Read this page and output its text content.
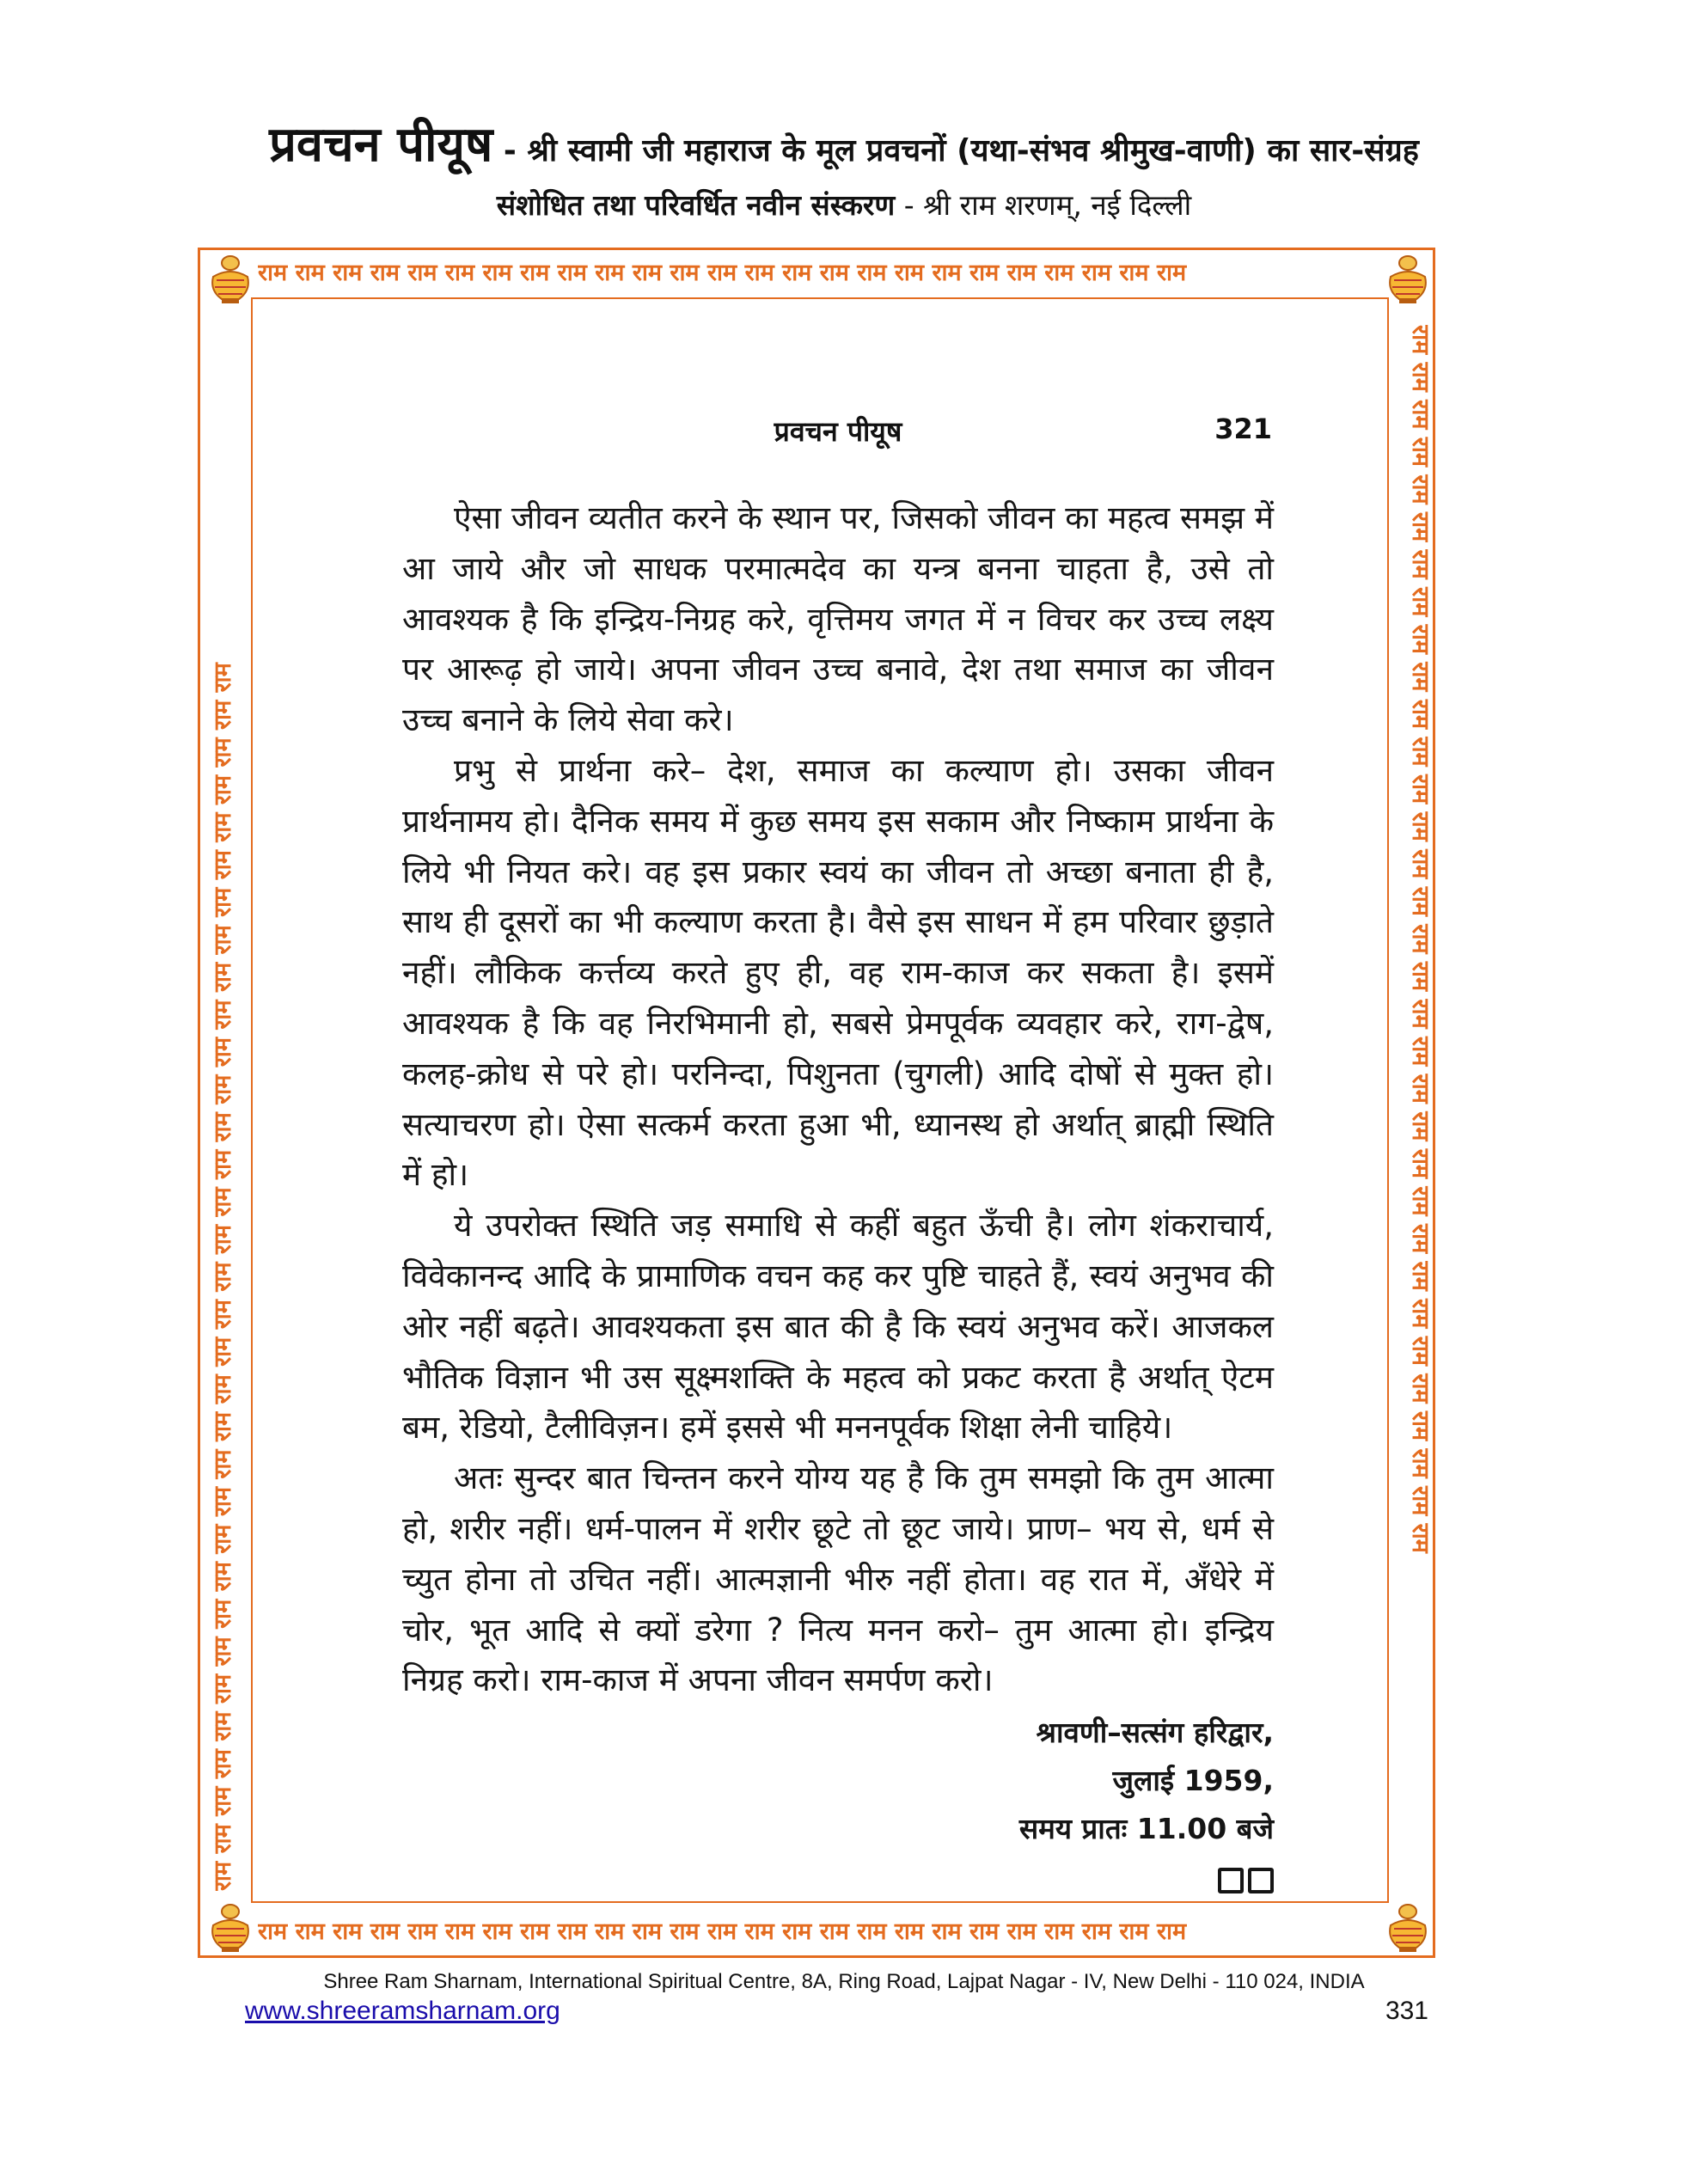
प्रवचन पीयूष - श्री स्वामी जी महाराज के मूल प्रवचनों (यथा-संभव श्रीमुख-वाणी) का सार-संग्रह
संशोधित तथा परिवर्धित नवीन संस्करण - श्री राम शरणम्, नई दिल्ली
राम राम राम राम राम राम राम राम राम राम राम राम राम राम राम राम राम राम राम राम राम राम राम राम राम
राम राम राम राम राम राम राम राम राम राम राम राम राम राम राम राम राम राम राम राम राम राम राम राम राम
राम राम राम राम राम राम राम राम राम राम राम राम राम राम राम राम राम राम राम राम राम राम राम राम राम राम राम राम राम राम राम राम राम	राम राम राम राम राम राम राम राम राम राम राम राम राम राम राम राम राम राम राम राम राम राम राम राम राम राम राम राम राम राम राम राम राम
प्रवचन पीयूष	321

ऐसा जीवन व्यतीत करने के स्थान पर, जिसको जीवन का महत्व समझ में आ जाये और जो साधक परमात्मदेव का यन्त्र बनना चाहता है, उसे तो आवश्यक है कि इन्द्रिय-निग्रह करे, वृत्तिमय जगत में न विचर कर उच्च लक्ष्य पर आरूढ़ हो जाये। अपना जीवन उच्च बनावे, देश तथा समाज का जीवन उच्च बनाने के लिये सेवा करे।

प्रभु से प्रार्थना करे– देश, समाज का कल्याण हो। उसका जीवन प्रार्थनामय हो। दैनिक समय में कुछ समय इस सकाम और निष्काम प्रार्थना के लिये भी नियत करे। वह इस प्रकार स्वयं का जीवन तो अच्छा बनाता ही है, साथ ही दूसरों का भी कल्याण करता है। वैसे इस साधन में हम परिवार छुड़ाते नहीं। लौकिक कर्त्तव्य करते हुए ही, वह राम-काज कर सकता है। इसमें आवश्यक है कि वह निरभिमानी हो, सबसे प्रेमपूर्वक व्यवहार करे, राग-द्वेष, कलह-क्रोध से परे हो। परनिन्दा, पिशुनता (चुगली) आदि दोषों से मुक्त हो। सत्याचरण हो। ऐसा सत्कर्म करता हुआ भी, ध्यानस्थ हो अर्थात् ब्राह्मी स्थिति में हो।

ये उपरोक्त स्थिति जड़ समाधि से कहीं बहुत ऊँची है। लोग शंकराचार्य, विवेकानन्द आदि के प्रामाणिक वचन कह कर पुष्टि चाहते हैं, स्वयं अनुभव की ओर नहीं बढ़ते। आवश्यकता इस बात की है कि स्वयं अनुभव करें। आजकल भौतिक विज्ञान भी उस सूक्ष्मशक्ति के महत्व को प्रकट करता है अर्थात् ऐटम बम, रेडियो, टैलीविज़न। हमें इससे भी मननपूर्वक शिक्षा लेनी चाहिये।

अतः सुन्दर बात चिन्तन करने योग्य यह है कि तुम समझो कि तुम आत्मा हो, शरीर नहीं। धर्म-पालन में शरीर छूटे तो छूट जाये। प्राण– भय से, धर्म से च्युत होना तो उचित नहीं। आत्मज्ञानी भीरु नहीं होता। वह रात में, अँधेरे में चोर, भूत आदि से क्यों डरेगा ? नित्य मनन करो– तुम आत्मा हो। इन्द्रिय निग्रह करो। राम-काज में अपना जीवन समर्पण करो।

श्रावणी–सत्संग हरिद्वार,
जुलाई 1959,
समय प्रातः 11.00 बजे
Shree Ram Sharnam, International Spiritual Centre, 8A, Ring Road, Lajpat Nagar - IV, New Delhi - 110 024, INDIA
www.shreeramsharnam.org	331
